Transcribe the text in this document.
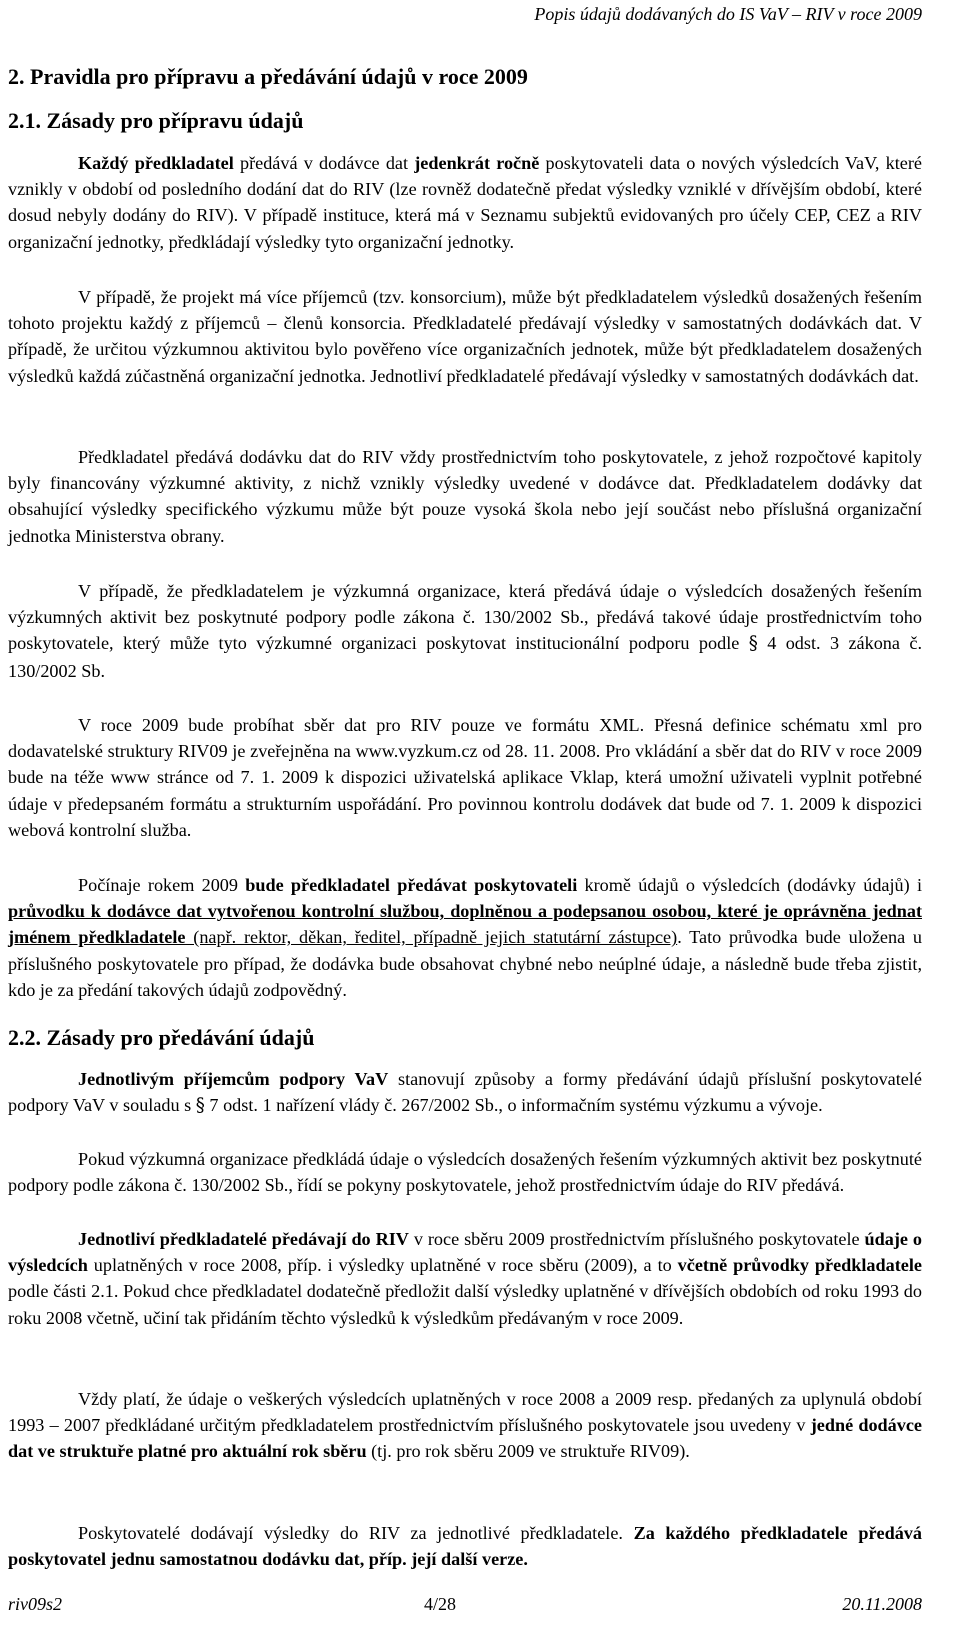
Popis údajů dodávaných do IS VaV – RIV v roce 2009
2. Pravidla pro přípravu a předávání údajů v roce 2009
2.1. Zásady pro přípravu údajů

Každý předkladatel předává v dodávce dat jedenkrát ročně poskytovateli data o nových výsledcích VaV, které vznikly v období od posledního dodání dat do RIV (lze rovněž dodatečně předat výsledky vzniklé v dřívějším období, které dosud nebyly dodány do RIV). V případě instituce, která má v Seznamu subjektů evidovaných pro účely CEP, CEZ a RIV organizační jednotky, předkládají výsledky tyto organizační jednotky.

V případě, že projekt má více příjemců (tzv. konsorcium), může být předkladatelem výsledků dosažených řešením tohoto projektu každý z příjemců – členů konsorcia. Předkladatelé předávají výsledky v samostatných dodávkách dat. V případě, že určitou výzkumnou aktivitou bylo pověřeno více organizačních jednotek, může být předkladatelem dosažených výsledků každá zúčastněná organizační jednotka. Jednotliví předkladatelé předávají výsledky v samostatných dodávkách dat.

Předkladatel předává dodávku dat do RIV vždy prostřednictvím toho poskytovatele, z jehož rozpočtové kapitoly byly financovány výzkumné aktivity, z nichž vznikly výsledky uvedené v dodávce dat. Předkladatelem dodávky dat obsahující výsledky specifického výzkumu může být pouze vysoká škola nebo její součást nebo příslušná organizační jednotka Ministerstva obrany.

V případě, že předkladatelem je výzkumná organizace, která předává údaje o výsledcích dosažených řešením výzkumných aktivit bez poskytnuté podpory podle zákona č. 130/2002 Sb., předává takové údaje prostřednictvím toho poskytovatele, který může tyto výzkumné organizaci poskytovat institucionální podporu podle § 4 odst. 3 zákona č. 130/2002 Sb.

V roce 2009 bude probíhat sběr dat pro RIV pouze ve formátu XML. Přesná definice schématu xml pro dodavatelské struktury RIV09 je zveřejněna na www.vyzkum.cz od 28. 11. 2008. Pro vkládání a sběr dat do RIV v roce 2009 bude na téže www stránce od 7. 1. 2009 k dispozici uživatelská aplikace Vklap, která umožní uživateli vyplnit potřebné údaje v předepsaném formátu a strukturním uspořádání. Pro povinnou kontrolu dodávek dat bude od 7. 1. 2009 k dispozici webová kontrolní služba.

Počínaje rokem 2009 bude předkladatel předávat poskytovateli kromě údajů o výsledcích (dodávky údajů) i průvodku k dodávce dat vytvořenou kontrolní službou, doplněnou a podepsanou osobou, které je oprávněna jednat jménem předkladatele (např. rektor, děkan, ředitel, případně jejich statutární zástupce). Tato průvodka bude uložena u příslušného poskytovatele pro případ, že dodávka bude obsahovat chybné nebo neúplné údaje, a následně bude třeba zjistit, kdo je za předání takových údajů zodpovědný.

2.2. Zásady pro předávání údajů

Jednotlivým příjemcům podpory VaV stanovují způsoby a formy předávání údajů příslušní poskytovatelé podpory VaV v souladu s § 7 odst. 1 nařízení vlády č. 267/2002 Sb., o informačním systému výzkumu a vývoje.

Pokud výzkumná organizace předkládá údaje o výsledcích dosažených řešením výzkumných aktivit bez poskytnuté podpory podle zákona č. 130/2002 Sb., řídí se pokyny poskytovatele, jehož prostřednictvím údaje do RIV předává.

Jednotliví předkladatelé předávají do RIV v roce sběru 2009 prostřednictvím příslušného poskytovatele údaje o výsledcích uplatněných v roce 2008, příp. i výsledky uplatněné v roce sběru (2009), a to včetně průvodky předkladatele podle části 2.1. Pokud chce předkladatel dodatečně předložit další výsledky uplatněné v dřívějších obdobích od roku 1993 do roku 2008 včetně, učiní tak přidáním těchto výsledků k výsledkům předávaným v roce 2009.

Vždy platí, že údaje o veškerých výsledcích uplatněných v roce 2008 a 2009 resp. předaných za uplynulá období 1993 – 2007 předkládané určitým předkladatelem prostřednictvím příslušného poskytovatele jsou uvedeny v jedné dodávce dat ve struktuře platné pro aktuální rok sběru (tj. pro rok sběru 2009 ve struktuře RIV09).

Poskytovatelé dodávají výsledky do RIV za jednotlivé předkladatele. Za každého předkladatele předává poskytovatel jednu samostatnou dodávku dat, příp. její další verze.

riv09s2	4/28	20.11.2008
